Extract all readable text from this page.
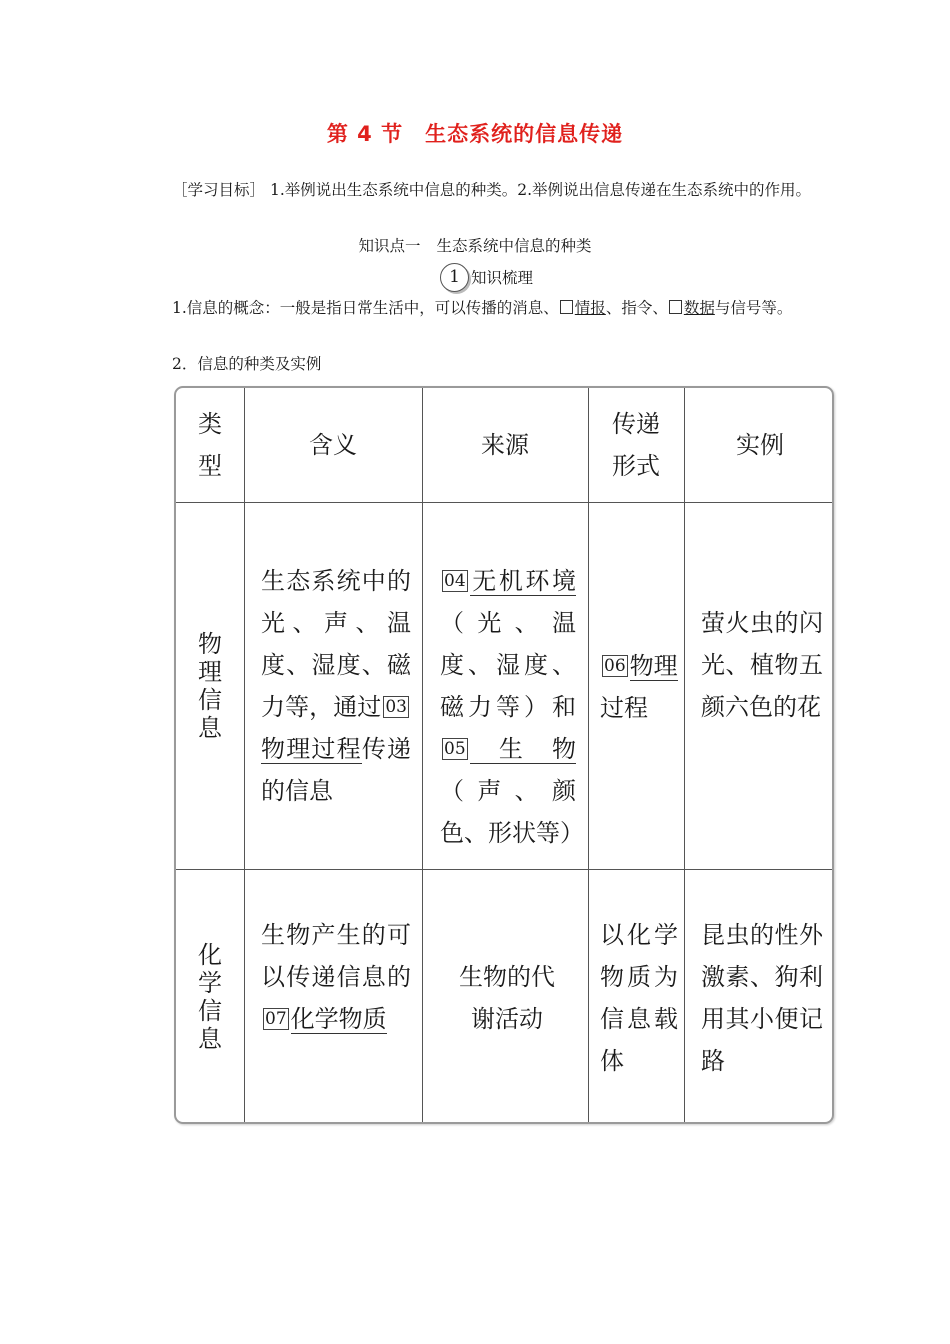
第 4 节 生态系统的信息传递
［学习目标］ 1.举例说出生态系统中信息的种类。2.举例说出信息传递在生态系统中的作用。
知识点一 生态系统中信息的种类
1 知识梳理
1.信息的概念：一般是指日常生活中，可以传播的消息、 情报、指令、 数据与信号等。
2．信息的种类及实例
类型
含义	来源
传递形式
实例
物理信息
生态系统中的光、声、温度、湿度、磁力等，通过 03物理过程传递的信息
04 无机环境（光、温度、湿度、磁力等）和05 生物（声、颜色、形状等）
06 物理
过程
萤火虫的闪光、植物五颜六色的花
化学信息
生物产生的可以传递信息的07 化学物质
生物的代谢活动
以化学物质为信息载体
昆虫的性外激素、狗利用其小便记路
